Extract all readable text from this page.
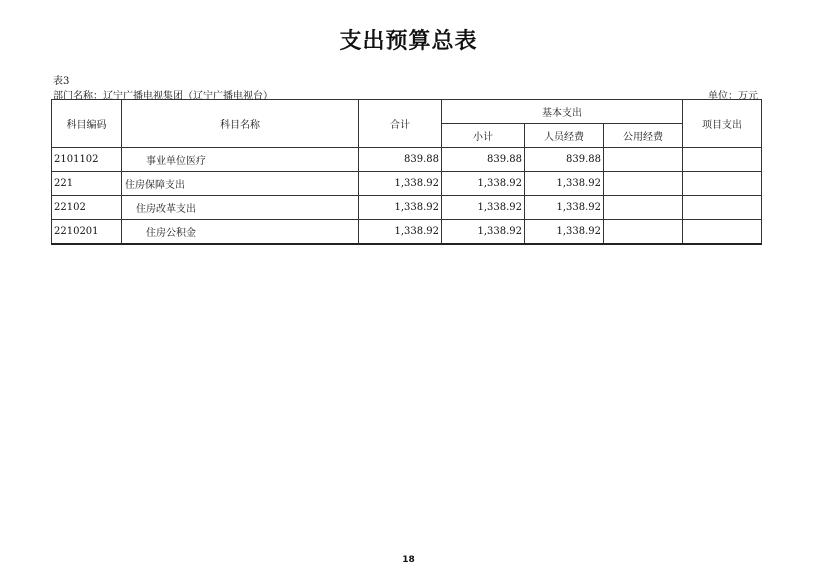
支出预算总表
表3
部门名称：辽宁广播电视集团（辽宁广播电视台）	单位：万元
科目编码	科目名称	合计	基本支出			项目支出
			小计	人员经费	公用经费	
2101102	事业单位医疗	839.88	839.88	839.88		
221	住房保障支出	1,338.92	1,338.92	1,338.92		
22102	住房改革支出	1,338.92	1,338.92	1,338.92		
2210201	住房公积金	1,338.92	1,338.92	1,338.92		
18
